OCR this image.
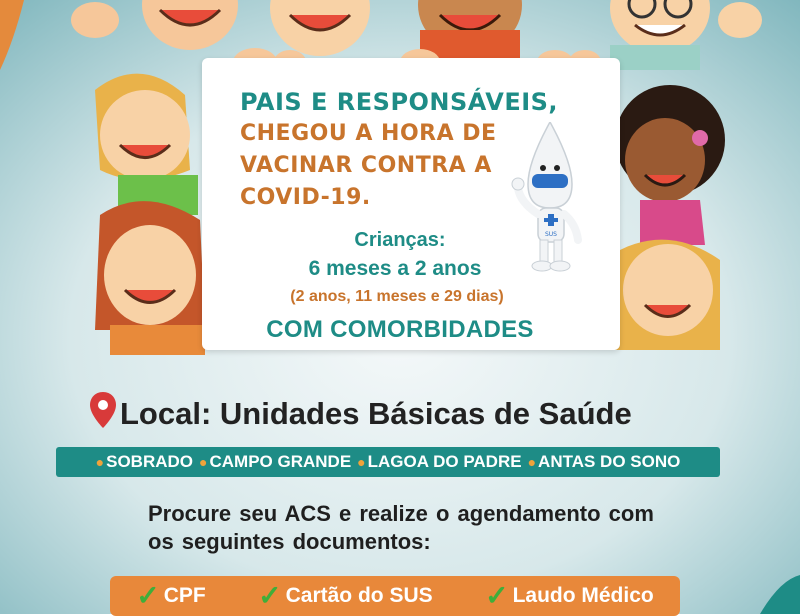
PAIS E RESPONSÁVEIS,
CHEGOU A HORA DE VACINAR CONTRA A COVID-19.
SUS
Crianças:
6 meses a 2 anos
(2 anos, 11 meses e 29 dias)
COM COMORBIDADES
Local: Unidades Básicas de Saúde
● SOBRADO ● CAMPO GRANDE ● LAGOA DO PADRE ● ANTAS DO SONO
Procure seu ACS e realize o agendamento com os seguintes documentos:
✓ CPF ✓ Cartão do SUS ✓ Laudo Médico
